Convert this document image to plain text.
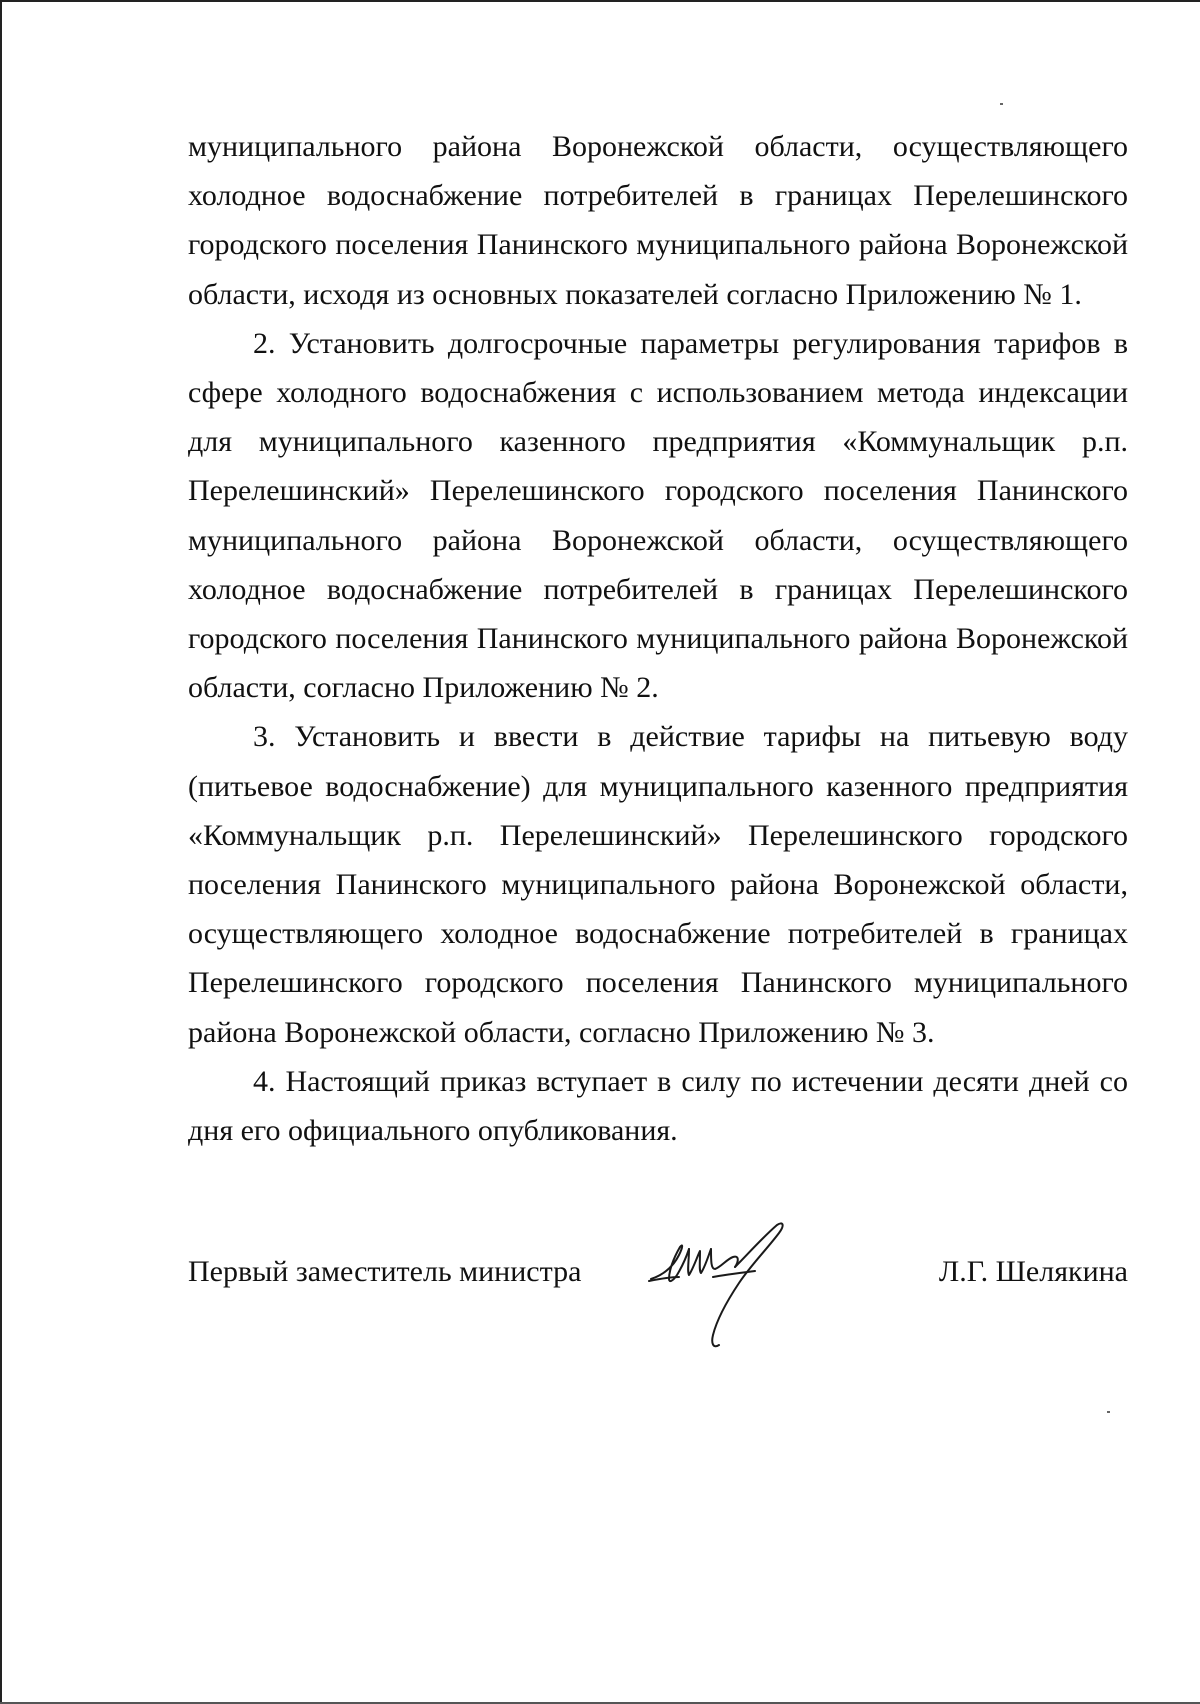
муниципального района Воронежской области, осуществляющего холодное водоснабжение потребителей в границах Перелешинского городского поселения Панинского муниципального района Воронежской области, исходя из основных показателей согласно Приложению № 1.

2. Установить долгосрочные параметры регулирования тарифов в сфере холодного водоснабжения с использованием метода индексации для муниципального казенного предприятия «Коммунальщик р.п. Перелешинский» Перелешинского городского поселения Панинского муниципального района Воронежской области, осуществляющего холодное водоснабжение потребителей в границах Перелешинского городского поселения Панинского муниципального района Воронежской области, согласно Приложению № 2.

3. Установить и ввести в действие тарифы на питьевую воду (питьевое водоснабжение) для муниципального казенного предприятия «Коммунальщик р.п. Перелешинский» Перелешинского городского поселения Панинского муниципального района Воронежской области, осуществляющего холодное водоснабжение потребителей в границах Перелешинского городского поселения Панинского муниципального района Воронежской области, согласно Приложению № 3.

4. Настоящий приказ вступает в силу по истечении десяти дней со дня его официального опубликования.

Первый заместитель министра	Л.Г. Шелякина
